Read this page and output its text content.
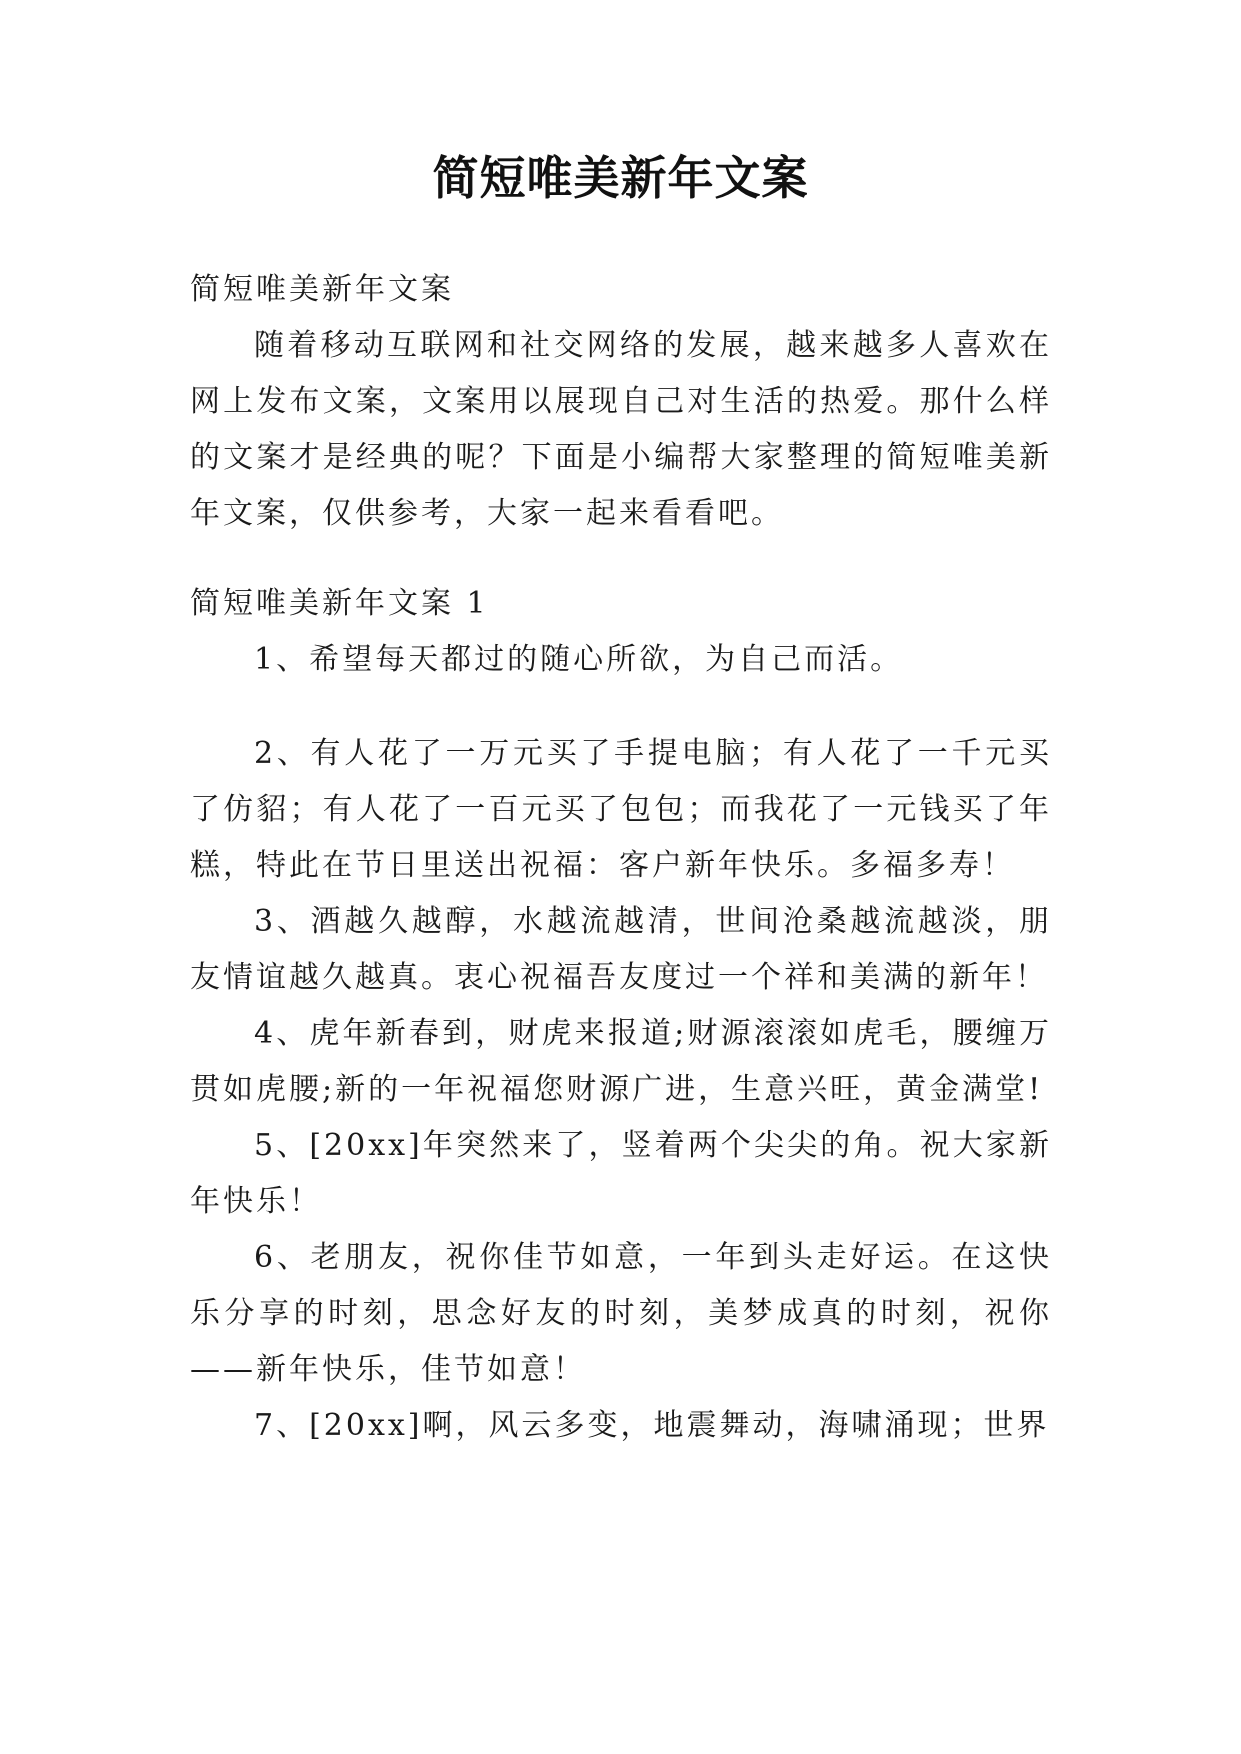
简短唯美新年文案

简短唯美新年文案

随着移动互联网和社交网络的发展，越来越多人喜欢在网上发布文案，文案用以展现自己对生活的热爱。那什么样的文案才是经典的呢？下面是小编帮大家整理的简短唯美新年文案，仅供参考，大家一起来看看吧。

简短唯美新年文案 1

1、希望每天都过的随心所欲，为自己而活。

2、有人花了一万元买了手提电脑；有人花了一千元买了仿貂；有人花了一百元买了包包；而我花了一元钱买了年糕，特此在节日里送出祝福：客户新年快乐。多福多寿！

3、酒越久越醇，水越流越清，世间沧桑越流越淡，朋友情谊越久越真。衷心祝福吾友度过一个祥和美满的新年！

4、虎年新春到，财虎来报道;财源滚滚如虎毛，腰缠万贯如虎腰;新的一年祝福您财源广进，生意兴旺，黄金满堂!

5、[20xx]年突然来了，竖着两个尖尖的角。祝大家新年快乐！

6、老朋友，祝你佳节如意，一年到头走好运。在这快乐分享的时刻，思念好友的时刻，美梦成真的时刻，祝你——新年快乐，佳节如意！

7、[20xx]啊，风云多变，地震舞动，海啸涌现；世界
